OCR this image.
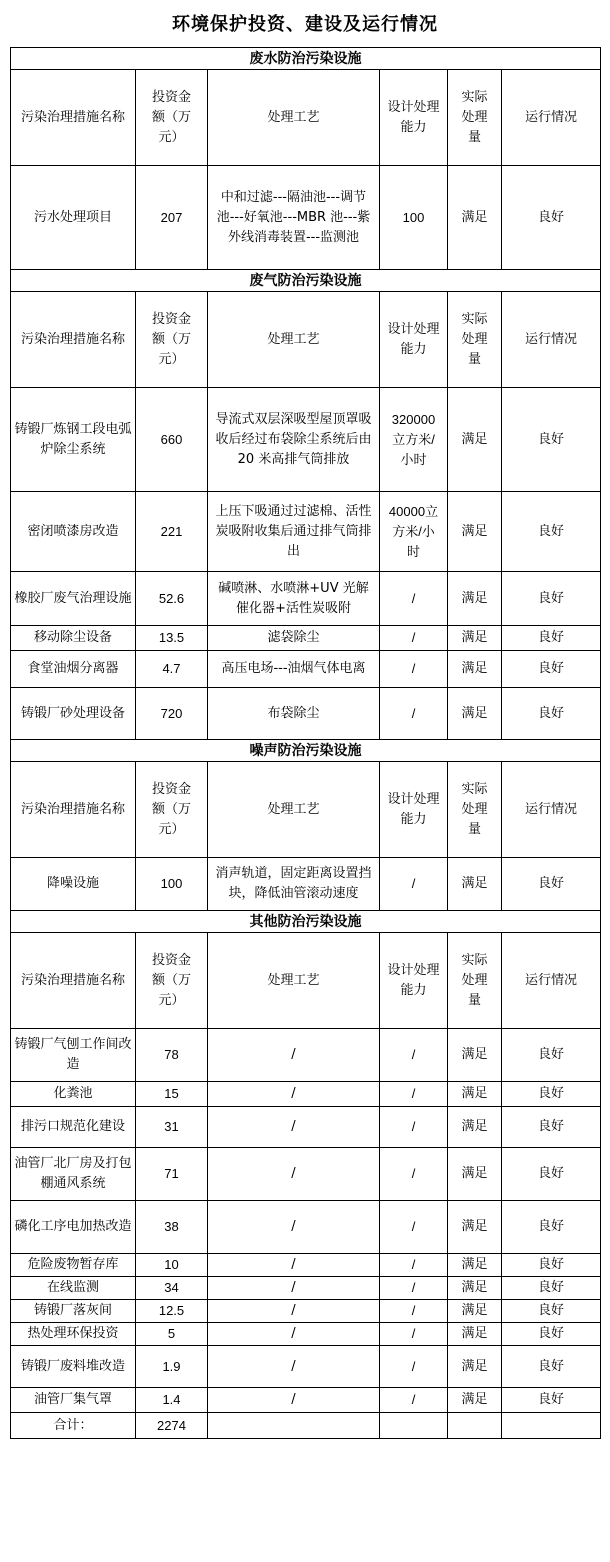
环境保护投资、建设及运行情况
废水防治污染设施					
污染治理措施名称	投资金额（万元）	处理工艺	设计处理能力	实际处理量	运行情况
污水处理项目	207	中和过滤---隔油池---调节池---好氧池---MBR 池---紫外线消毒装置---监测池	100	满足	良好
废气防治污染设施					
污染治理措施名称	投资金额（万元）	处理工艺	设计处理能力	实际处理量	运行情况
铸锻厂炼钢工段电弧炉除尘系统	660	导流式双层深吸型屋顶罩吸收后经过布袋除尘系统后由 20 米高排气筒排放	320000立方米/小时	满足	良好
密闭喷漆房改造	221	上压下吸通过过滤棉、活性炭吸附收集后通过排气筒排出	40000立方米/小时	满足	良好
橡胶厂废气治理设施	52.6	碱喷淋、水喷淋+UV 光解催化器+活性炭吸附	/	满足	良好
移动除尘设备	13.5	滤袋除尘	/	满足	良好
食堂油烟分离器	4.7	高压电场---油烟气体电离	/	满足	良好
铸锻厂砂处理设备	720	布袋除尘	/	满足	良好
噪声防治污染设施					
污染治理措施名称	投资金额（万元）	处理工艺	设计处理能力	实际处理量	运行情况
降噪设施	100	消声轨道，固定距离设置挡块，降低油管滚动速度	/	满足	良好
其他防治污染设施					
污染治理措施名称	投资金额（万元）	处理工艺	设计处理能力	实际处理量	运行情况
铸锻厂气刨工作间改造	78	/	/	满足	良好
化粪池	15	/	/	满足	良好
排污口规范化建设	31	/	/	满足	良好
油管厂北厂房及打包棚通风系统	71	/	/	满足	良好
磷化工序电加热改造	38	/	/	满足	良好
危险废物暂存库	10	/	/	满足	良好
在线监测	34	/	/	满足	良好
铸锻厂落灰间	12.5	/	/	满足	良好
热处理环保投资	5	/	/	满足	良好
铸锻厂废料堆改造	1.9	/	/	满足	良好
油管厂集气罩	1.4	/	/	满足	良好
合计：	2274				
